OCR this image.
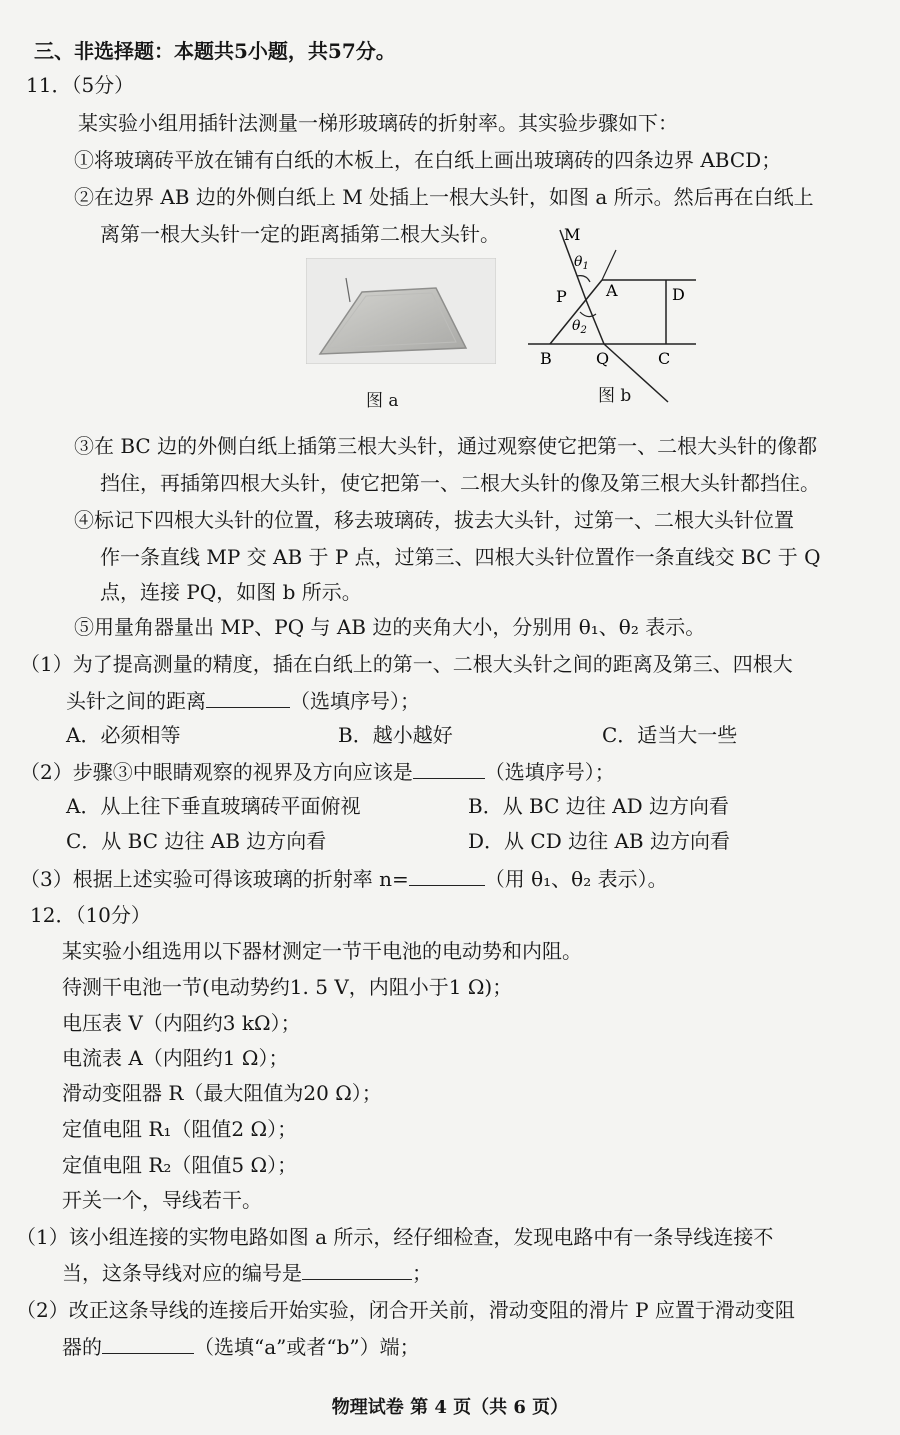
三、非选择题：本题共5小题，共57分。
11．（5分）
某实验小组用插针法测量一梯形玻璃砖的折射率。其实验步骤如下：
①将玻璃砖平放在铺有白纸的木板上，在白纸上画出玻璃砖的四条边界 ABCD；
②在边界 AB 边的外侧白纸上 M 处插上一根大头针，如图 a 所示。然后再在白纸上
离第一根大头针一定的距离插第二根大头针。
图 a
M
$\theta_1$
P A	D
$\theta_2$
B	Q	C
图 b
③在 BC 边的外侧白纸上插第三根大头针，通过观察使它把第一、二根大头针的像都
挡住，再插第四根大头针，使它把第一、二根大头针的像及第三根大头针都挡住。
④标记下四根大头针的位置，移去玻璃砖，拔去大头针，过第一、二根大头针位置
作一条直线 MP 交 AB 于 P 点，过第三、四根大头针位置作一条直线交 BC 于 Q
点，连接 PQ，如图 b 所示。
⑤用量角器量出 MP、PQ 与 AB 边的夹角大小，分别用 θ₁、θ₂ 表示。
（1）为了提高测量的精度，插在白纸上的第一、二根大头针之间的距离及第三、四根大
头针之间的距离	（选填序号）；
A．必须相等	B．越小越好	C．适当大一些
（2）步骤③中眼睛观察的视界及方向应该是	（选填序号）；
A．从上往下垂直玻璃砖平面俯视	B．从 BC 边往 AD 边方向看
C．从 BC 边往 AB 边方向看	D．从 CD 边往 AB 边方向看
（3）根据上述实验可得该玻璃的折射率 n=	（用 θ₁、θ₂ 表示）。
12．（10分）
某实验小组选用以下器材测定一节干电池的电动势和内阻。
待测干电池一节(电动势约1. 5 V，内阻小于1 Ω)；
电压表 V（内阻约3 kΩ）；
电流表 A（内阻约1 Ω）；
滑动变阻器 R（最大阻值为20 Ω）；
定值电阻 R₁（阻值2 Ω）；
定值电阻 R₂（阻值5 Ω）；
开关一个，导线若干。
（1）该小组连接的实物电路如图 a 所示，经仔细检查，发现电路中有一条导线连接不
当，这条导线对应的编号是	；
（2）改正这条导线的连接后开始实验，闭合开关前，滑动变阻的滑片 P 应置于滑动变阻
器的	（选填“a”或者“b”）端；
物理试卷 第 4 页（共 6 页）
